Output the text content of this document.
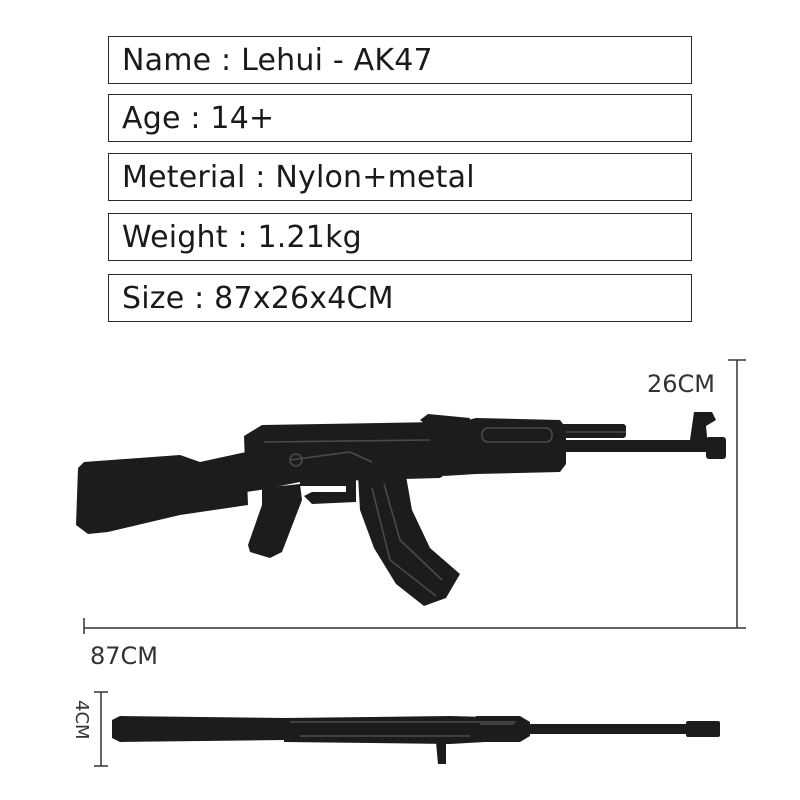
Name : Lehui - AK47
Age : 14+
Meterial : Nylon+metal
Weight : 1.21kg
Size : 87x26x4CM
26CM
87CM
4CM
